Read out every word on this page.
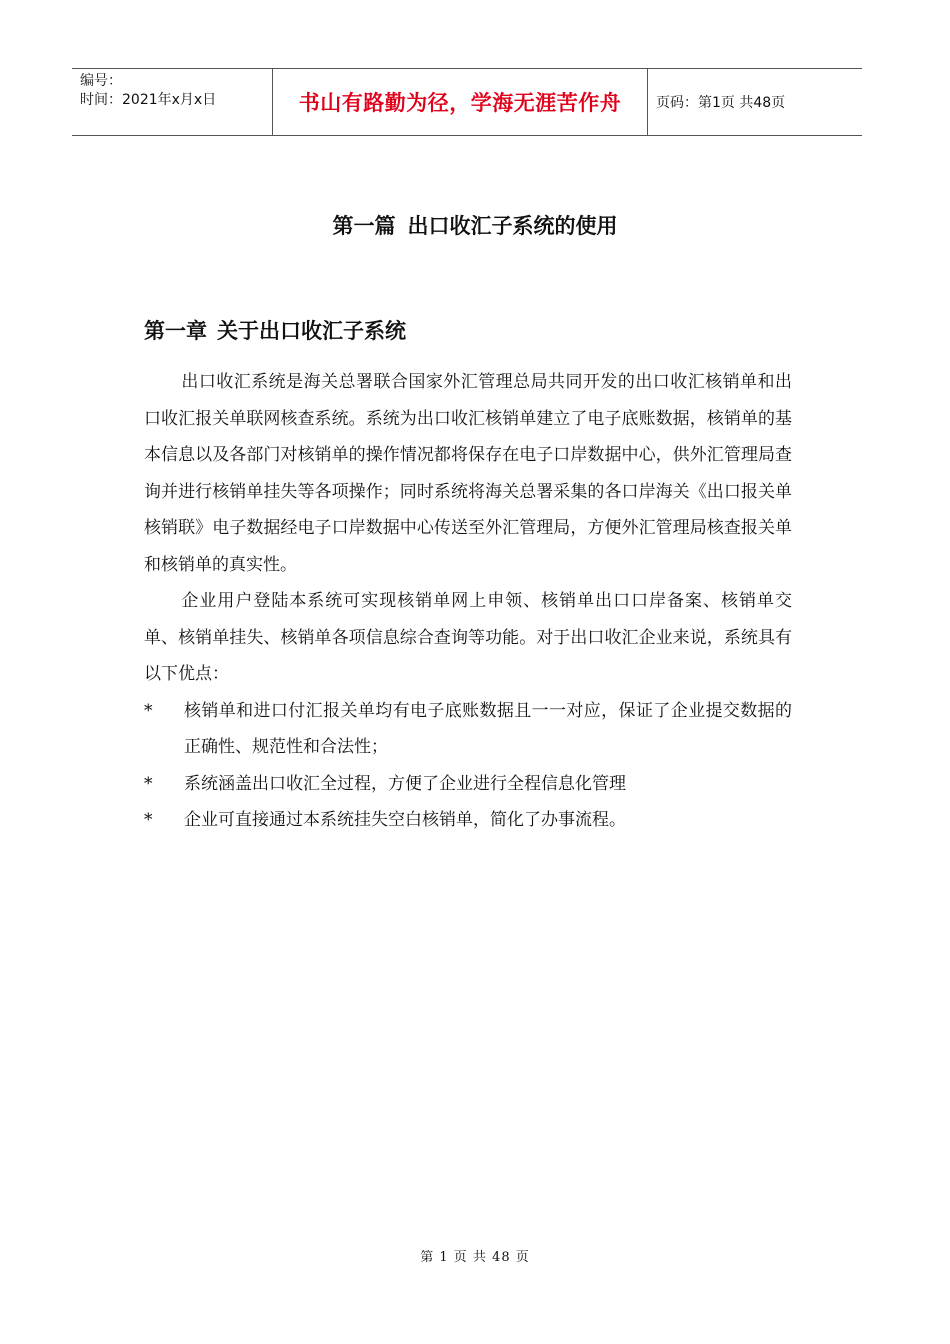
编号：
时间：2021年x月x日	书山有路勤为径，学海无涯苦作舟	页码：第1页 共48页
第一篇 出口收汇子系统的使用
第一章 关于出口收汇子系统

出口收汇系统是海关总署联合国家外汇管理总局共同开发的出口收汇核销单和出口收汇报关单联网核查系统。系统为出口收汇核销单建立了电子底账数据，核销单的基本信息以及各部门对核销单的操作情况都将保存在电子口岸数据中心，供外汇管理局查询并进行核销单挂失等各项操作；同时系统将海关总署采集的各口岸海关《出口报关单核销联》电子数据经电子口岸数据中心传送至外汇管理局，方便外汇管理局核查报关单和核销单的真实性。

企业用户登陆本系统可实现核销单网上申领、核销单出口口岸备案、核销单交单、核销单挂失、核销单各项信息综合查询等功能。对于出口收汇企业来说，系统具有以下优点：

* 核销单和进口付汇报关单均有电子底账数据且一一对应，保证了企业提交数据的正确性、规范性和合法性；
* 系统涵盖出口收汇全过程，方便了企业进行全程信息化管理
* 企业可直接通过本系统挂失空白核销单，简化了办事流程。
第 1 页 共 48 页
